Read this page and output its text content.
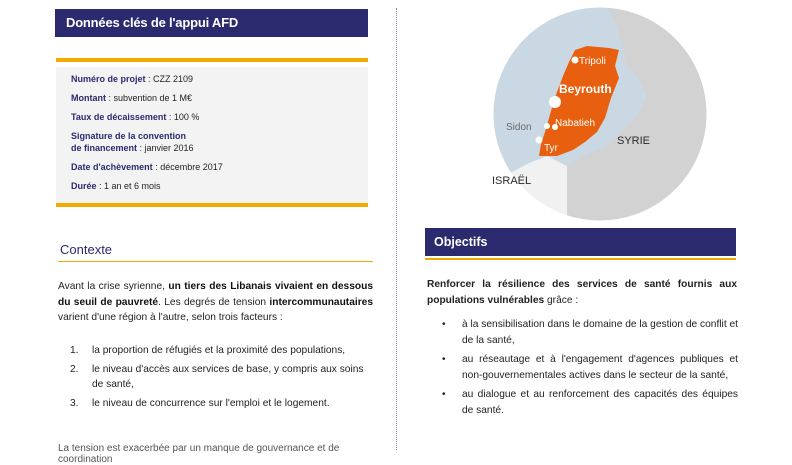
Données clés de l'appui AFD
Numéro de projet : CZZ 2109
Montant : subvention de 1 M€
Taux de décaissement : 100 %
Signature de la convention
de financement : janvier 2016
Date d'achèvement : décembre 2017
Durée : 1 an et 6 mois
Contexte
Avant la crise syrienne, un tiers des Libanais vivaient en dessous du seuil de pauvreté. Les degrés de tension intercommunautaires varient d'une région à l'autre, selon trois facteurs :
1.	la proportion de réfugiés et la proximité des populations,
2.	le niveau d'accès aux services de base, y compris aux soins de santé,
3.	le niveau de concurrence sur l'emploi et le logement.
La tension est exacerbée par un manque de gouvernance et de coordination
Tripoli
Beyrouth
Sidon Nabatieh
Tyr
SYRIE
ISRAËL
Objectifs
Renforcer la résilience des services de santé fournis aux populations vulnérables grâce :
•	à la sensibilisation dans le domaine de la gestion de conflit et de la santé,
•	au réseautage et à l'engagement d'agences publiques et non-gouvernementales actives dans le secteur de la santé,
•	au dialogue et au renforcement des capacités des équipes de santé.
